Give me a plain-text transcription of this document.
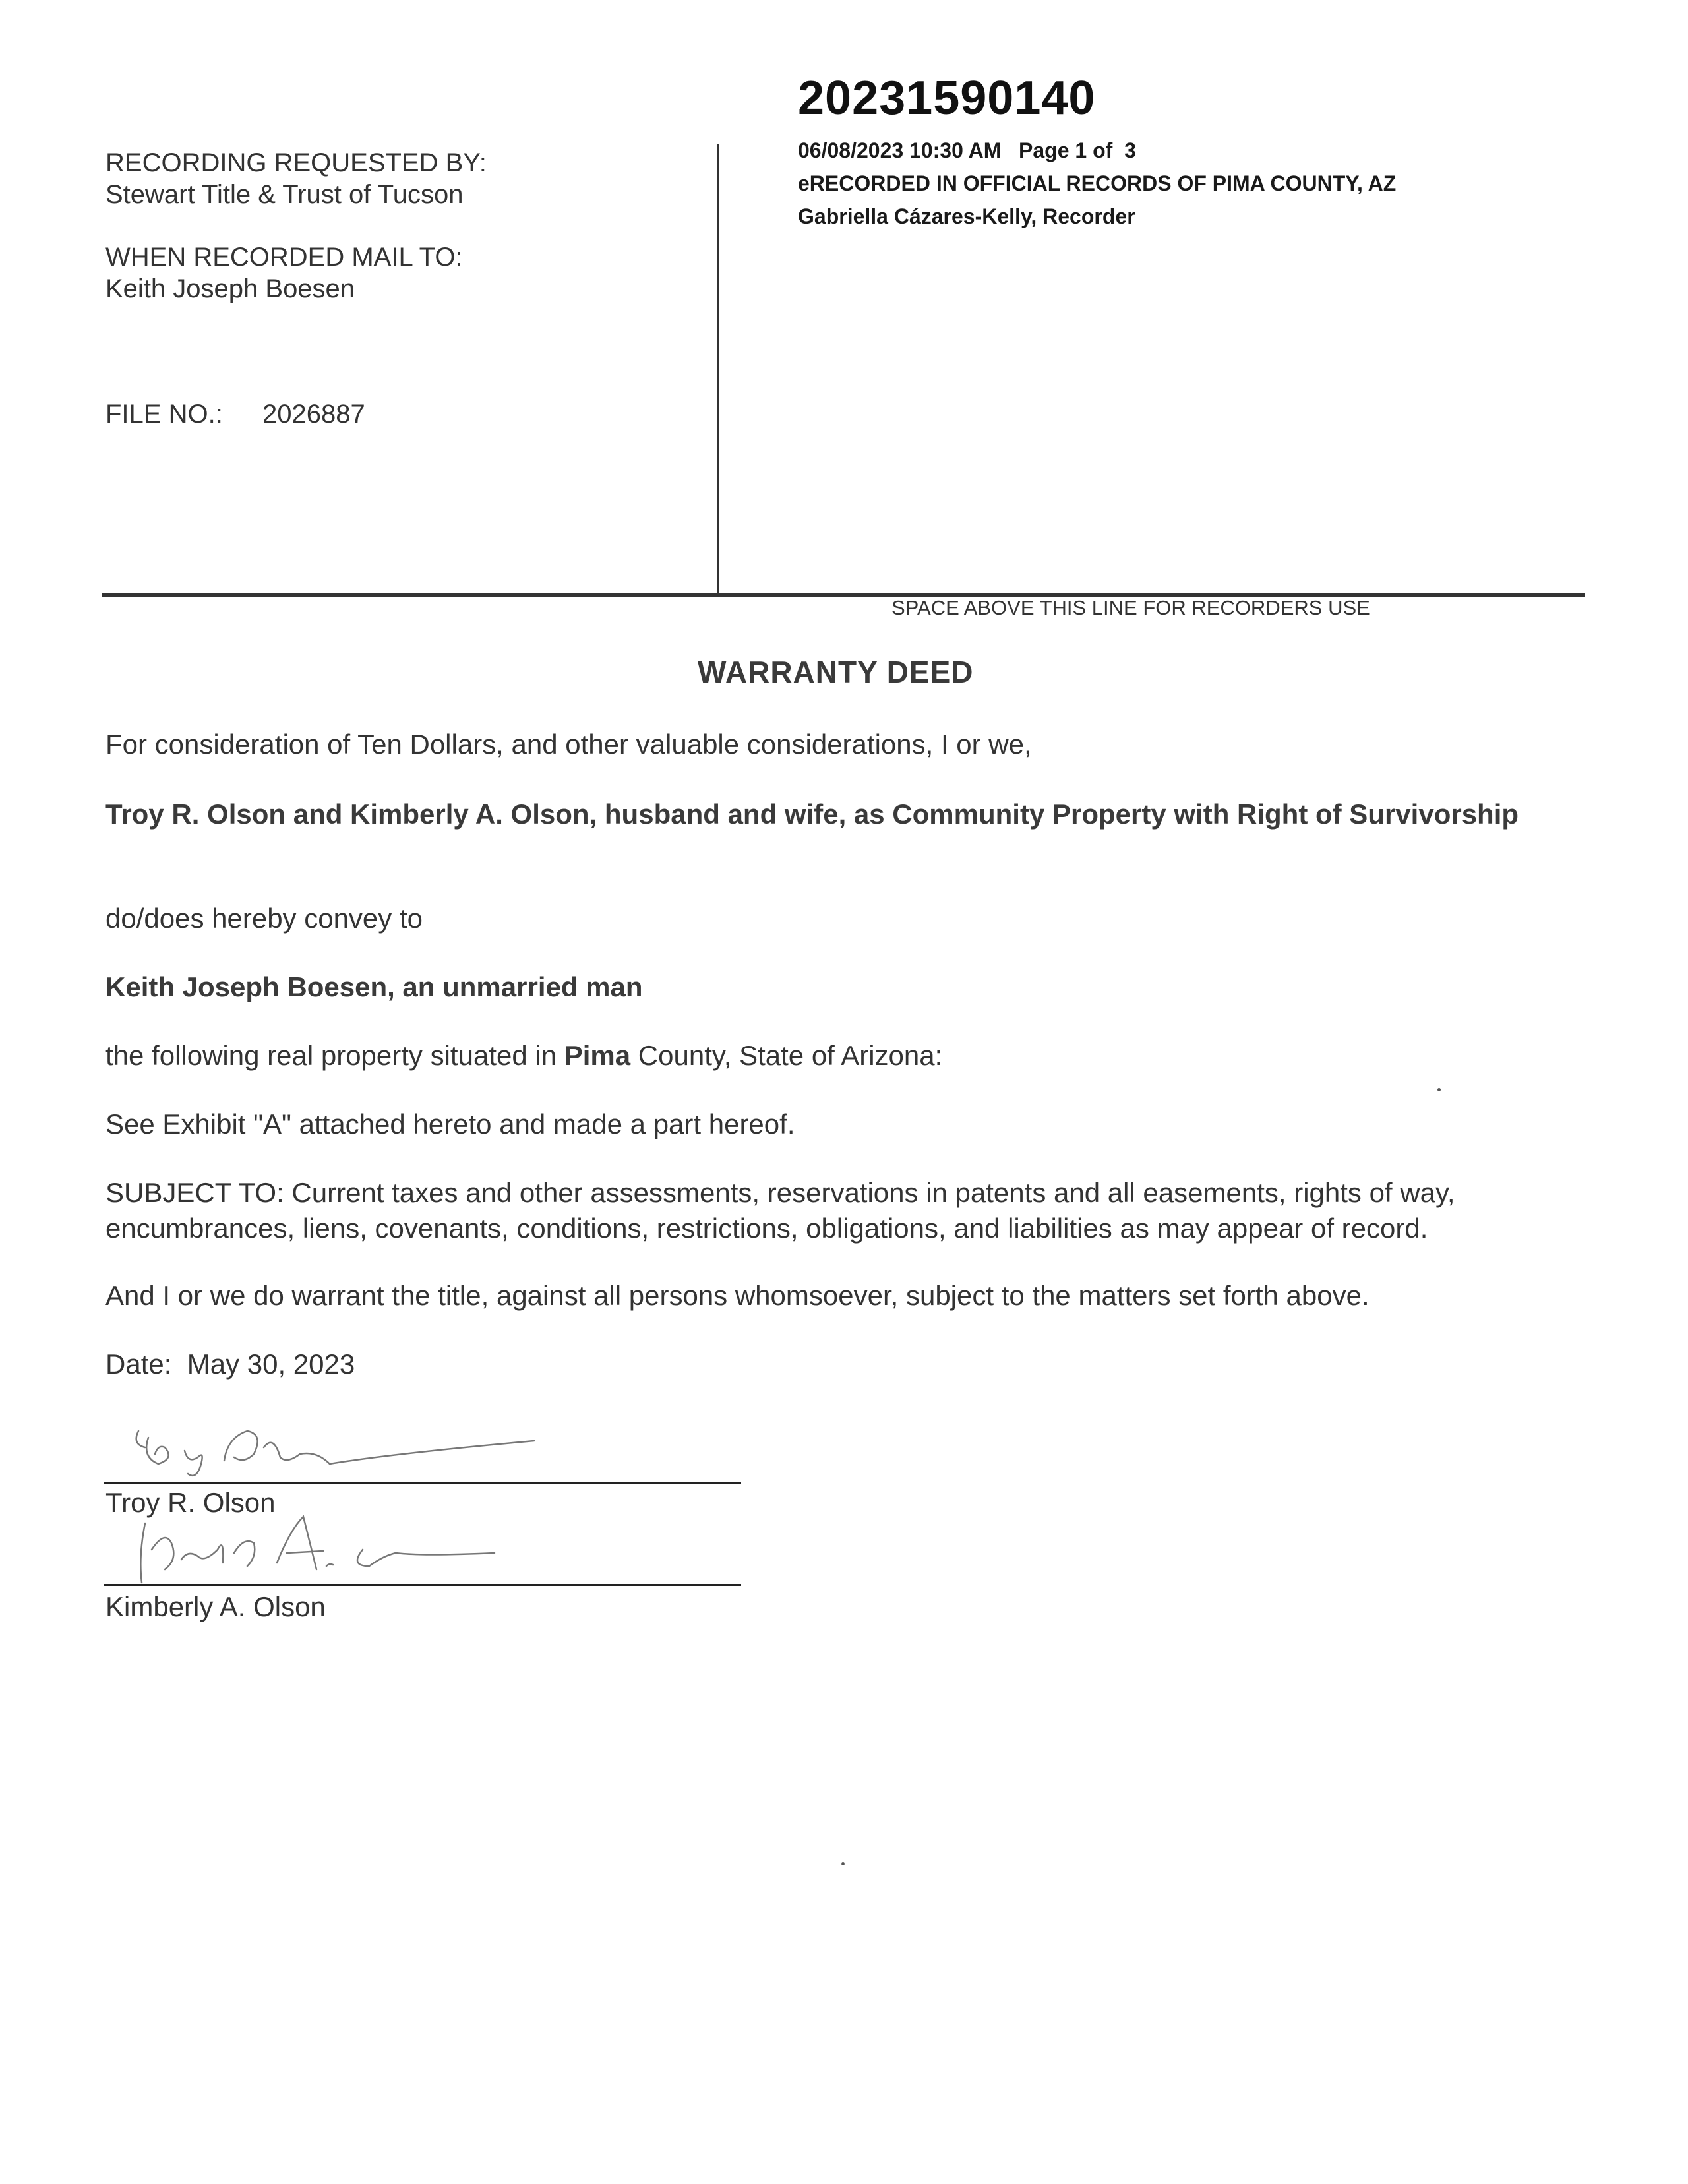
RECORDING REQUESTED BY:
Stewart Title & Trust of Tucson
WHEN RECORDED MAIL TO:
Keith Joseph Boesen
FILE NO.: 2026887
20231590140
06/08/2023 10:30 AM   Page 1 of  3
eRECORDED IN OFFICIAL RECORDS OF PIMA COUNTY, AZ
Gabriella Cázares-Kelly, Recorder
SPACE ABOVE THIS LINE FOR RECORDERS USE
WARRANTY DEED
For consideration of Ten Dollars, and other valuable considerations, I or we,
Troy R. Olson and Kimberly A. Olson, husband and wife, as Community Property with Right of Survivorship
do/does hereby convey to
Keith Joseph Boesen, an unmarried man
the following real property situated in Pima County, State of Arizona:
See Exhibit "A" attached hereto and made a part hereof.
SUBJECT TO: Current taxes and other assessments, reservations in patents and all easements, rights of way, encumbrances, liens, covenants, conditions, restrictions, obligations, and liabilities as may appear of record.
And I or we do warrant the title, against all persons whomsoever, subject to the matters set forth above.
Date:  May 30, 2023
Troy R. Olson
Kimberly A. Olson
